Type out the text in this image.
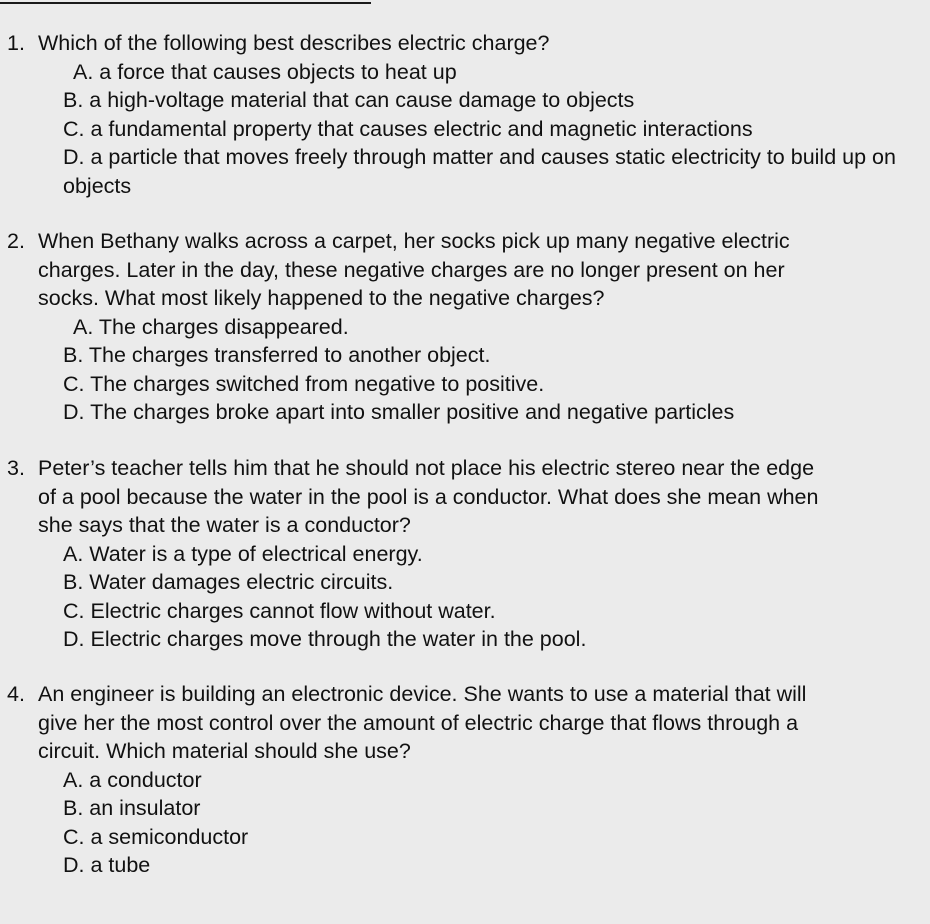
1. Which of the following best describes electric charge?
A. a force that causes objects to heat up
B. a high-voltage material that can cause damage to objects
C. a fundamental property that causes electric and magnetic interactions
D. a particle that moves freely through matter and causes static electricity to build up on objects
2. When Bethany walks across a carpet, her socks pick up many negative electric
charges. Later in the day, these negative charges are no longer present on her
socks. What most likely happened to the negative charges?
A. The charges disappeared.
B. The charges transferred to another object.
C. The charges switched from negative to positive.
D. The charges broke apart into smaller positive and negative particles
3. Peter’s teacher tells him that he should not place his electric stereo near the edge
of a pool because the water in the pool is a conductor. What does she mean when
she says that the water is a conductor?
A. Water is a type of electrical energy.
B. Water damages electric circuits.
C. Electric charges cannot flow without water.
D. Electric charges move through the water in the pool.
4. An engineer is building an electronic device. She wants to use a material that will
give her the most control over the amount of electric charge that flows through a
circuit. Which material should she use?
A. a conductor
B. an insulator
C. a semiconductor
D. a tube
